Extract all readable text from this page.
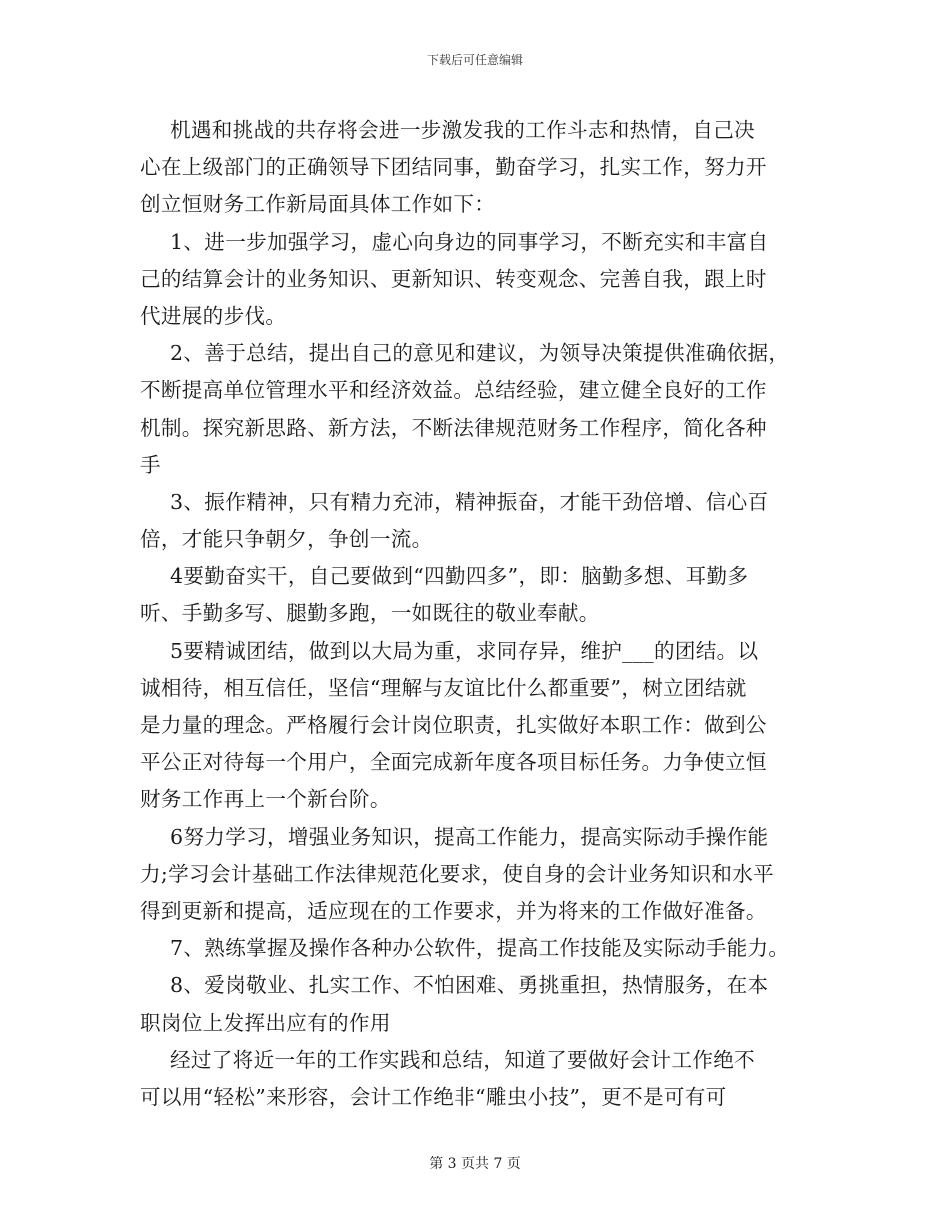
下载后可任意编辑
机遇和挑战的共存将会进一步激发我的工作斗志和热情，自己决
心在上级部门的正确领导下团结同事，勤奋学习，扎实工作，努力开
创立恒财务工作新局面具体工作如下：
1、进一步加强学习，虚心向身边的同事学习，不断充实和丰富自
己的结算会计的业务知识、更新知识、转变观念、完善自我，跟上时
代进展的步伐。
2、善于总结，提出自己的意见和建议，为领导决策提供准确依据，
不断提高单位管理水平和经济效益。总结经验，建立健全良好的工作
机制。探究新思路、新方法，不断法律规范财务工作程序，简化各种
手
3、振作精神，只有精力充沛，精神振奋，才能干劲倍增、信心百
倍，才能只争朝夕，争创一流。
4要勤奋实干，自己要做到“四勤四多”，即：脑勤多想、耳勤多
听、手勤多写、腿勤多跑，一如既往的敬业奉献。
5要精诚团结，做到以大局为重，求同存异，维护___的团结。以
诚相待，相互信任，坚信“理解与友谊比什么都重要”，树立团结就
是力量的理念。严格履行会计岗位职责，扎实做好本职工作：做到公
平公正对待每一个用户，全面完成新年度各项目标任务。力争使立恒
财务工作再上一个新台阶。
6努力学习，增强业务知识，提高工作能力，提高实际动手操作能
力;学习会计基础工作法律规范化要求，使自身的会计业务知识和水平
得到更新和提高，适应现在的工作要求，并为将来的工作做好准备。
7、熟练掌握及操作各种办公软件，提高工作技能及实际动手能力。
8、爱岗敬业、扎实工作、不怕困难、勇挑重担，热情服务，在本
职岗位上发挥出应有的作用
经过了将近一年的工作实践和总结，知道了要做好会计工作绝不
可以用“轻松”来形容，会计工作绝非“雕虫小技”，更不是可有可
第 3 页共 7 页
